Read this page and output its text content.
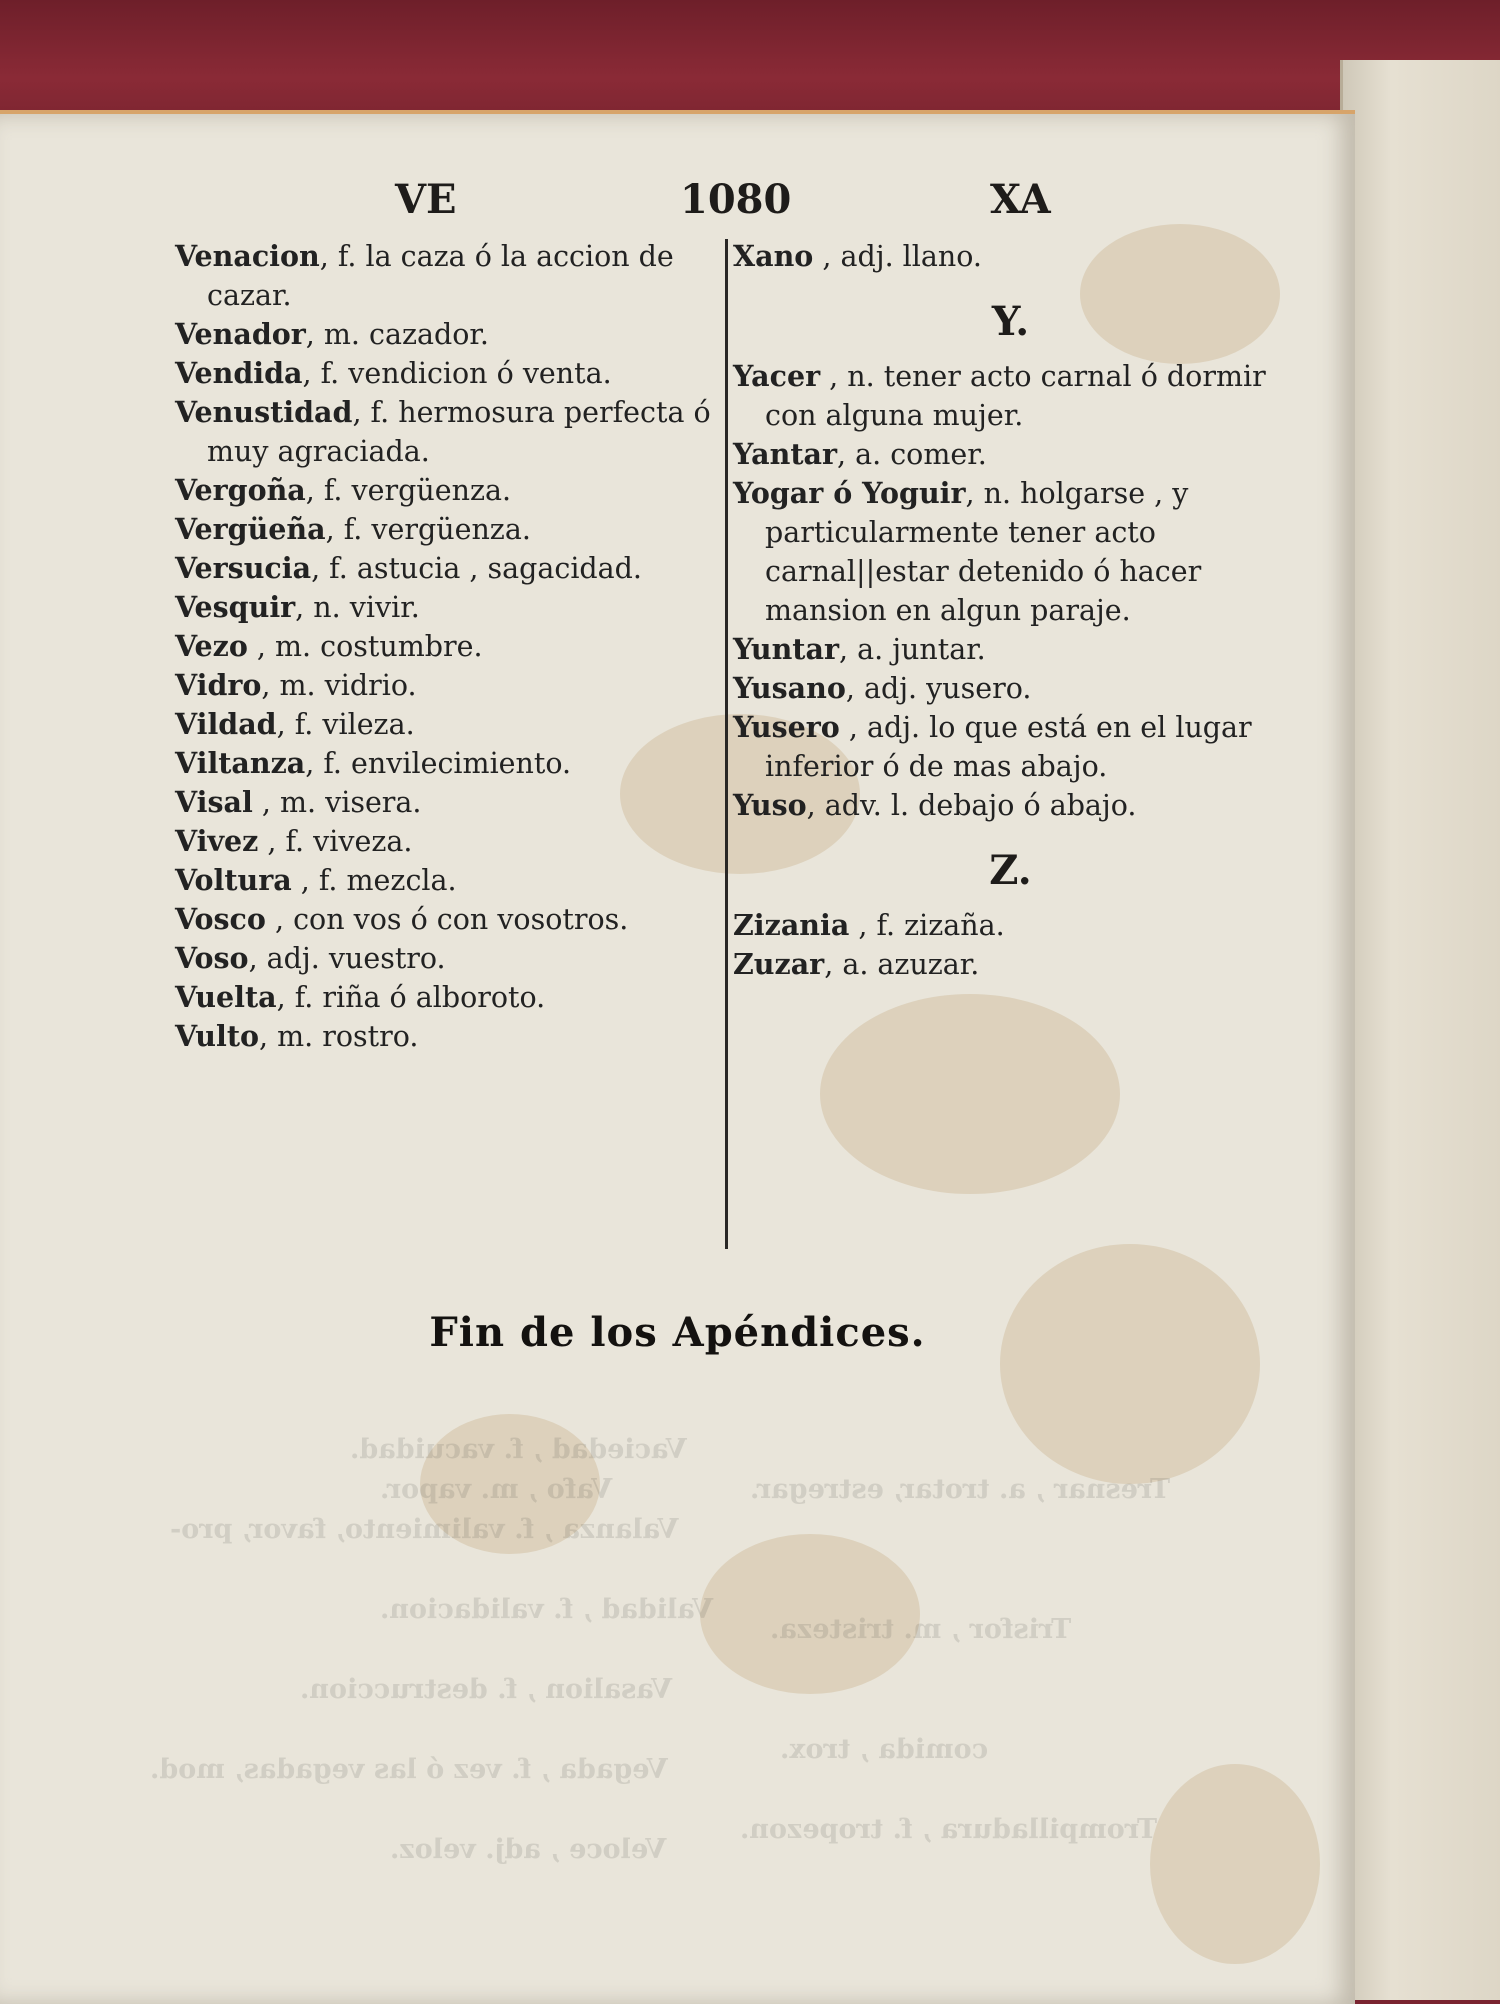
Vaciedad , f. vacuidad.
Vafo , m. vapor.
Valanza , f. valimiento, favor, pro-
Validad , f. validacion.
Vasalion , f. destruccion.
Vegada , f. vez ó las vegadas, mod.
Veloce , adj. veloz.
Tresnar , a. trotar, estregar.
Trisfor , m. tristeza.
comida , trox.
Trompilladura , f. tropezon.
VE	1080	XA

Venacion, f. la caza ó la accion de cazar.

Venador, m. cazador.

Vendida, f. vendicion ó venta.

Venustidad, f. hermosura perfecta ó muy agraciada.

Vergoña, f. vergüenza.

Vergüeña, f. vergüenza.

Versucia, f. astucia , sagacidad.

Vesquir, n. vivir.

Vezo , m. costumbre.

Vidro, m. vidrio.

Vildad, f. vileza.

Viltanza, f. envilecimiento.

Visal , m. visera.

Vivez , f. viveza.

Voltura , f. mezcla.

Vosco , con vos ó con vosotros.

Voso, adj. vuestro.

Vuelta, f. riña ó alboroto.

Vulto, m. rostro.

Xano , adj. llano.

Y.

Yacer , n. tener acto carnal ó dormir con alguna mujer.

Yantar, a. comer.

Yogar ó Yoguir, n. holgarse , y particularmente tener acto carnal||estar detenido ó hacer mansion en algun paraje.

Yuntar, a. juntar.

Yusano, adj. yusero.

Yusero , adj. lo que está en el lugar inferior ó de mas abajo.

Yuso, adv. l. debajo ó abajo.

Z.

Zizania , f. zizaña.

Zuzar, a. azuzar.

Fin de los Apéndices.
